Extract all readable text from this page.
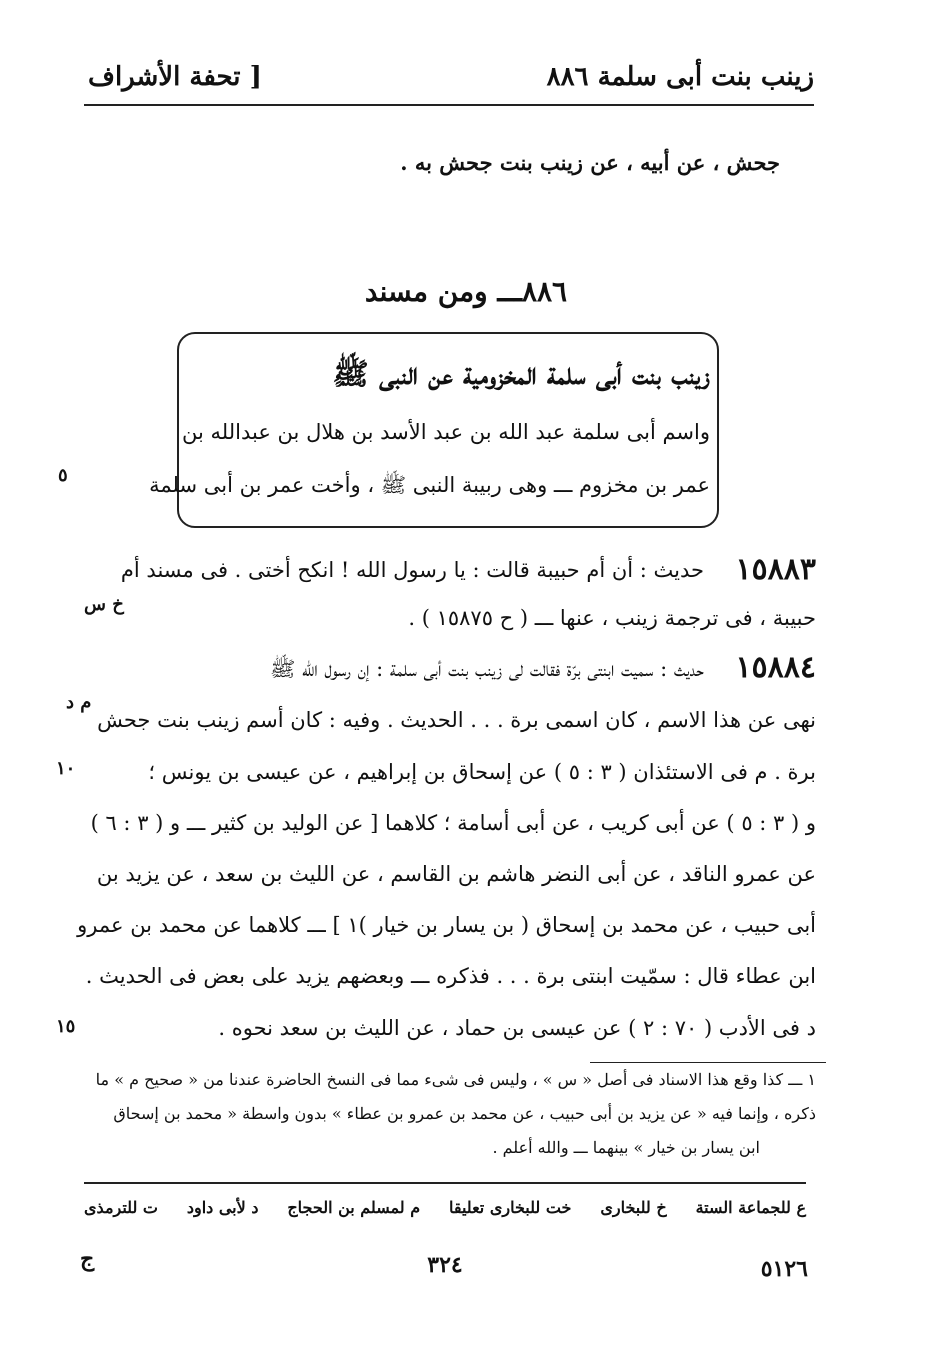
زينب بنت أبى سلمة ٨٨٦
[ تحفة الأشراف
جحش ، عن أبيه ، عن زينب بنت جحش به .
٨٨٦ـــ ومن مسند
زينب بنت أبى سلمة المخزومية عن النبى ﷺ
واسم أبى سلمة عبد الله بن عبد الأسد بن هلال بن عبدالله بن
عمر بن مخزوم ـــ وهى ربيبة النبى ﷺ ، وأخت عمر بن أبى سلمة
٥
١٠
١٥
١٥٨٨٣
حديث : أن أم حبيبة قالت : يا رسول الله ! انكح أختى . فى مسند أم
خ س
حبيبة ، فى ترجمة زينب ، عنها ـــ ( ح ١٥٨٧٥ ) .
١٥٨٨٤
حديث : سميت ابنتى برّة فقالت لى زينب بنت أبى سلمة : إن رسول الله ﷺ
م د
نهى عن هذا الاسم ، كان اسمى برة . . . الحديث . وفيه : كان أسم زينب بنت جحش
برة . م فى الاستئذان ( ٣ : ٥ ) عن إسحاق بن إبراهيم ، عن عيسى بن يونس ؛
و ( ٣ : ٥ ) عن أبى كريب ، عن أبى أسامة ؛ كلاهما [ عن الوليد بن كثير ـــ و ( ٣ : ٦ )
عن عمرو الناقد ، عن أبى النضر هاشم بن القاسم ، عن الليث بن سعد ، عن يزيد بن
أبى حبيب ، عن محمد بن إسحاق ( بن يسار بن خيار )١ ] ـــ كلاهما عن محمد بن عمرو
ابن عطاء قال : سمّيت ابنتى برة . . . فذكره ـــ وبعضهم يزيد على بعض فى الحديث .
د فى الأدب ( ٧٠ : ٢ ) عن عيسى بن حماد ، عن الليث بن سعد نحوه .
١ ـــ كذا وقع هذا الاسناد فى أصل « س » ، وليس فى شىء مما فى النسخ الحاضرة عندنا من « صحيح م » ما
ذكره ، وإنما فيه « عن يزيد بن أبى حبيب ، عن محمد بن عمرو بن عطاء » بدون واسطة « محمد بن إسحاق
ابن يسار بن خيار » بينهما ـــ والله أعلم .
ع للجماعة الستة
خ للبخارى
خت للبخارى تعليقا
م لمسلم بن الحجاج
د لأبى داود
ت للترمذى
ج	٣٢٤	٥١٢٦
